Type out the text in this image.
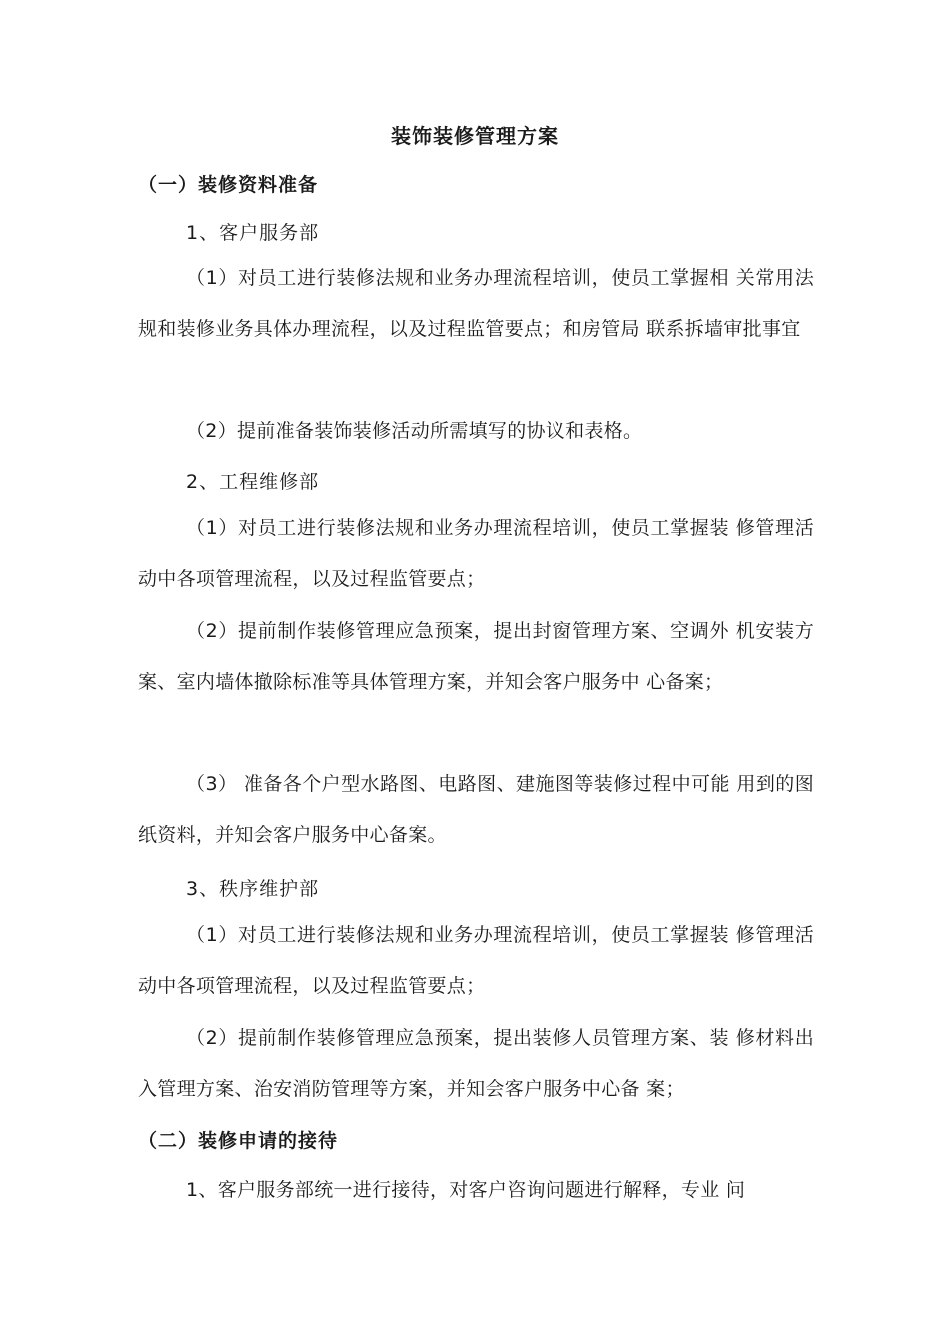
装饰装修管理方案
（一）装修资料准备
1、客户服务部
（1）对员工进行装修法规和业务办理流程培训，使员工掌握相 关常用法规和装修业务具体办理流程，以及过程监管要点；和房管局 联系拆墙审批事宜
（2）提前准备装饰装修活动所需填写的协议和表格。
2、工程维修部
（1）对员工进行装修法规和业务办理流程培训，使员工掌握装 修管理活动中各项管理流程，以及过程监管要点；
（2）提前制作装修管理应急预案，提出封窗管理方案、空调外 机安装方案、室内墙体撤除标准等具体管理方案，并知会客户服务中 心备案；
（3） 准备各个户型水路图、电路图、建施图等装修过程中可能 用到的图纸资料，并知会客户服务中心备案。
3、秩序维护部
（1）对员工进行装修法规和业务办理流程培训，使员工掌握装 修管理活动中各项管理流程，以及过程监管要点；
（2）提前制作装修管理应急预案，提出装修人员管理方案、装 修材料出入管理方案、治安消防管理等方案，并知会客户服务中心备 案；
（二）装修申请的接待
1、客户服务部统一进行接待，对客户咨询问题进行解释，专业 问
